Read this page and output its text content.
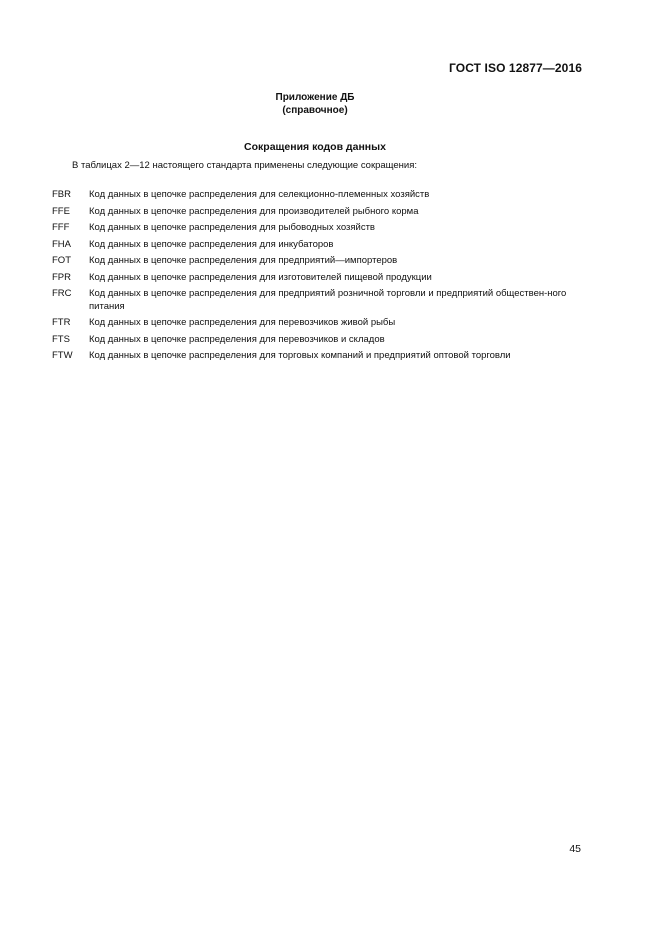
ГОСТ ISO 12877—2016
Приложение ДБ
(справочное)
Сокращения кодов данных
В таблицах 2—12 настоящего стандарта применены следующие сокращения:
FBR	Код данных в цепочке распределения для селекционно-племенных хозяйств
FFE	Код данных в цепочке распределения для производителей рыбного корма
FFF	Код данных в цепочке распределения для рыбоводных хозяйств
FHA	Код данных в цепочке распределения для инкубаторов
FOT	Код данных в цепочке распределения для предприятий—импортеров
FPR	Код данных в цепочке распределения для изготовителей пищевой продукции
FRC	Код данных в цепочке распределения для предприятий розничной торговли и предприятий обществен-ного питания
FTR	Код данных в цепочке распределения для перевозчиков живой рыбы
FTS	Код данных в цепочке распределения для перевозчиков и складов
FTW	Код данных в цепочке распределения для торговых компаний и предприятий оптовой торговли
45
